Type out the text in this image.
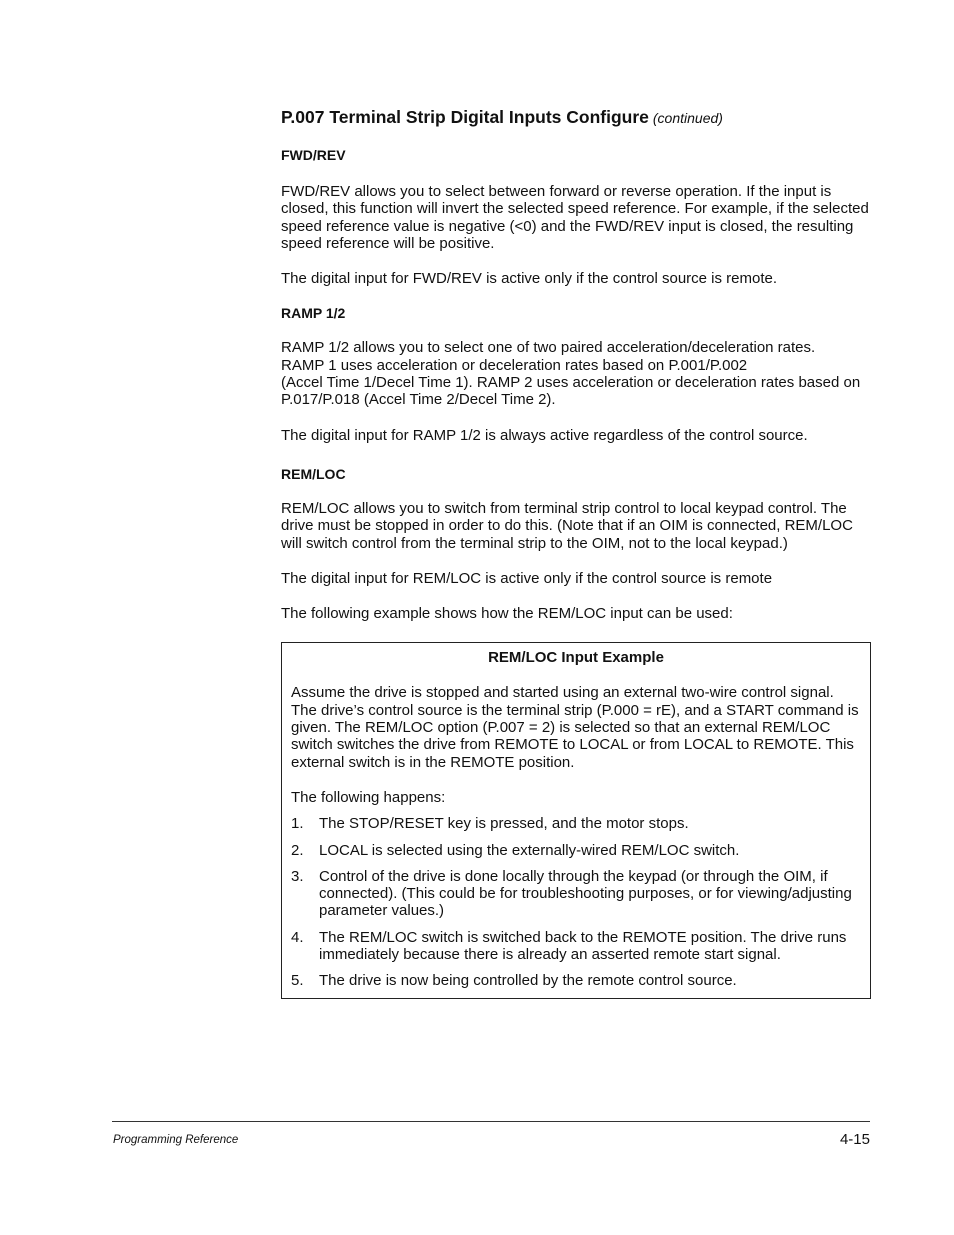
P.007 Terminal Strip Digital Inputs Configure (continued)
FWD/REV

FWD/REV allows you to select between forward or reverse operation. If the input is closed, this function will invert the selected speed reference. For example, if the selected speed reference value is negative (<0) and the FWD/REV input is closed, the resulting speed reference will be positive.

The digital input for FWD/REV is active only if the control source is remote.

RAMP 1/2

RAMP 1/2 allows you to select one of two paired acceleration/deceleration rates.
RAMP 1 uses acceleration or deceleration rates based on P.001/P.002
(Accel Time 1/Decel Time 1). RAMP 2 uses acceleration or deceleration rates based on P.017/P.018 (Accel Time 2/Decel Time 2).

The digital input for RAMP 1/2 is always active regardless of the control source.

REM/LOC

REM/LOC allows you to switch from terminal strip control to local keypad control. The drive must be stopped in order to do this. (Note that if an OIM is connected, REM/LOC will switch control from the terminal strip to the OIM, not to the local keypad.)

The digital input for REM/LOC is active only if the control source is remote

The following example shows how the REM/LOC input can be used:

REM/LOC Input Example

Assume the drive is stopped and started using an external two-wire control signal. The drive’s control source is the terminal strip (P.000 = rE), and a START command is given. The REM/LOC option (P.007 = 2) is selected so that an external REM/LOC switch switches the drive from REMOTE to LOCAL or from LOCAL to REMOTE. This external switch is in the REMOTE position.

The following happens:

1.	The STOP/RESET key is pressed, and the motor stops.
2.	LOCAL is selected using the externally-wired REM/LOC switch.
3.	Control of the drive is done locally through the keypad (or through the OIM, if connected). (This could be for troubleshooting purposes, or for viewing/adjusting parameter values.)
4.	The REM/LOC switch is switched back to the REMOTE position. The drive runs immediately because there is already an asserted remote start signal.
5.	The drive is now being controlled by the remote control source.
Programming Reference	4-15
